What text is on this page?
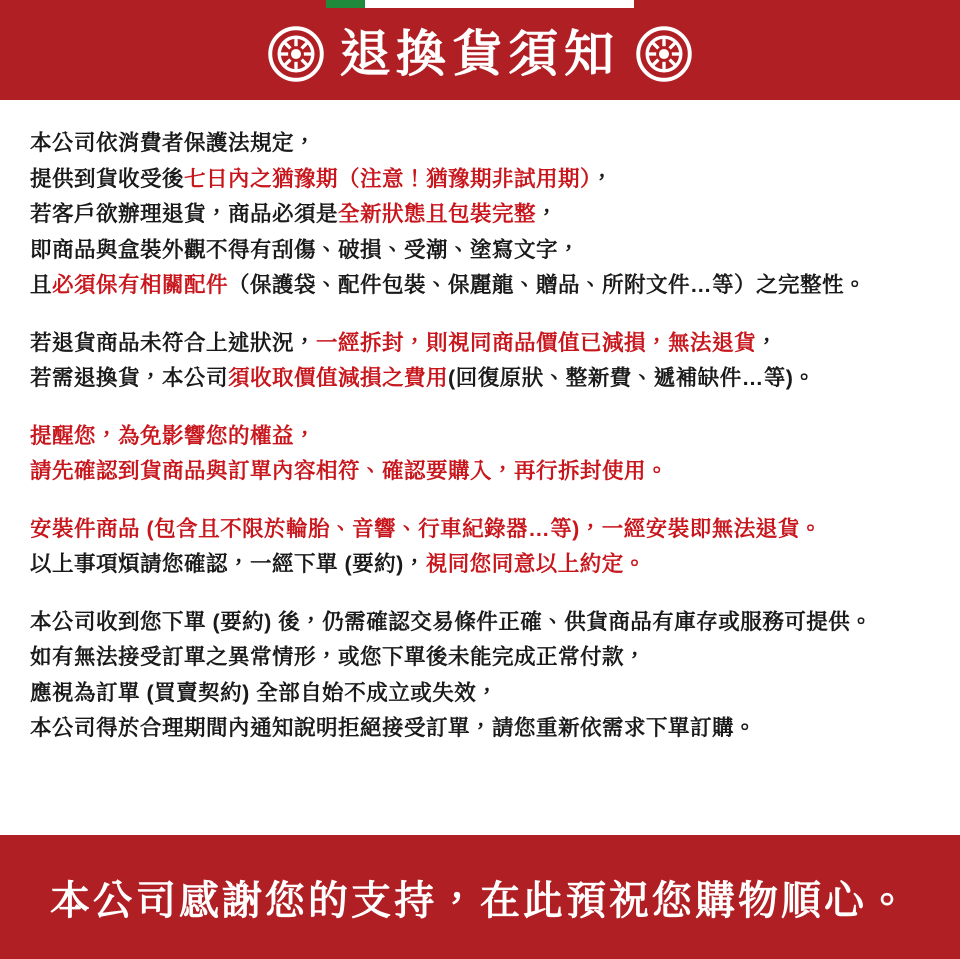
退換貨須知
本公司依消費者保護法規定，
提供到貨收受後七日內之猶豫期（注意！猶豫期非試用期），
若客戶欲辦理退貨，商品必須是全新狀態且包裝完整，
即商品與盒裝外觀不得有刮傷、破損、受潮、塗寫文字，
且必須保有相關配件（保護袋、配件包裝、保麗龍、贈品、所附文件…等）之完整性。
若退貨商品未符合上述狀況，一經拆封，則視同商品價值已減損，無法退貨，
若需退換貨，本公司須收取價值減損之費用(回復原狀、整新費、遞補缺件…等)。
提醒您，為免影響您的權益，
請先確認到貨商品與訂單內容相符、確認要購入，再行拆封使用。
安裝件商品 (包含且不限於輪胎、音響、行車紀錄器…等)，一經安裝即無法退貨。
以上事項煩請您確認，一經下單 (要約)，視同您同意以上約定。
本公司收到您下單 (要約) 後，仍需確認交易條件正確、供貨商品有庫存或服務可提供。
如有無法接受訂單之異常情形，或您下單後未能完成正常付款，
應視為訂單 (買賣契約) 全部自始不成立或失效，
本公司得於合理期間內通知說明拒絕接受訂單，請您重新依需求下單訂購。
本公司感謝您的支持，在此預祝您購物順心。
